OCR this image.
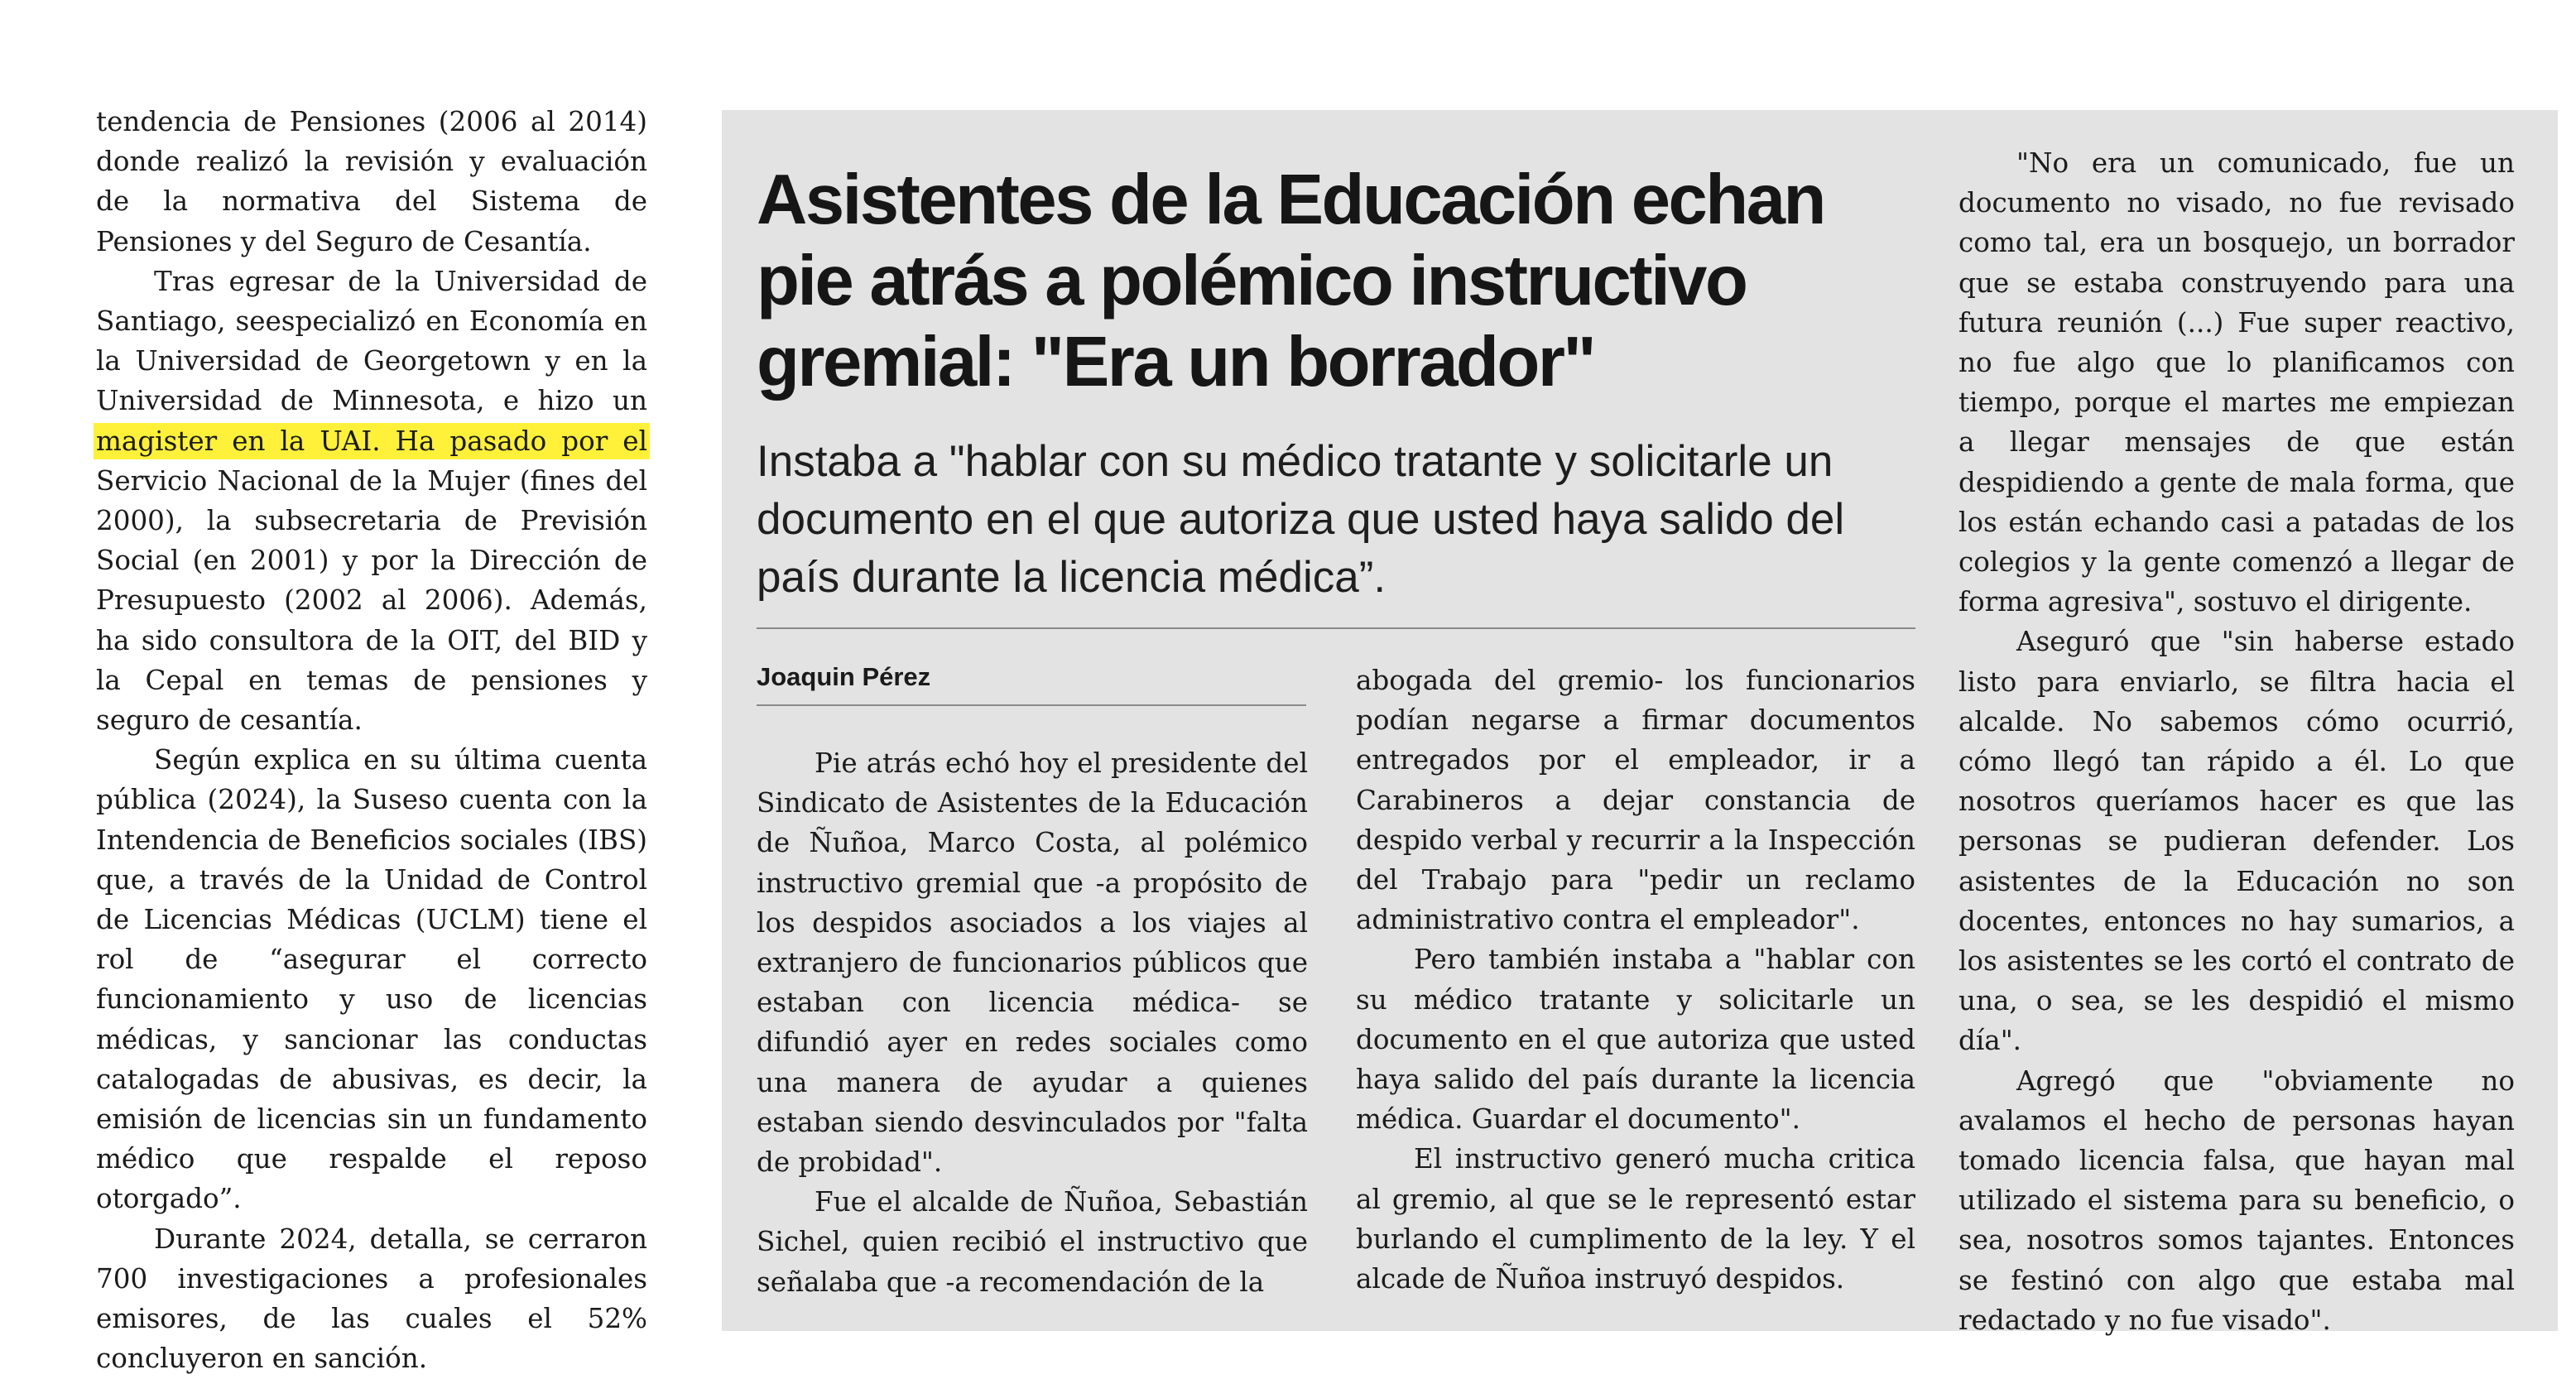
tendencia de Pensiones (2006 al 2014) donde realizó la revisión y evaluación de la normativa del Sistema de Pensiones y del Seguro de Cesantía.

Tras egresar de la Universidad de Santiago, seespecializó en Economía en la Universidad de Georgetown y en la Universidad de Minnesota, e hizo un magister en la UAI. Ha pasado por el Servicio Nacional de la Mujer (fines del 2000), la subsecretaria de Previsión Social (en 2001) y por la Dirección de Presupuesto (2002 al 2006). Además, ha sido consultora de la OIT, del BID y la Cepal en temas de pensiones y seguro de cesantía.

Según explica en su última cuenta pública (2024), la Suseso cuenta con la Intendencia de Beneficios sociales (IBS) que, a través de la Unidad de Control de Licencias Médicas (UCLM) tiene el rol de “asegurar el correcto funcionamiento y uso de licencias médicas, y sancionar las conductas catalogadas de abusivas, es decir, la emisión de licencias sin un fundamento médico que respalde el reposo otorgado”.

Durante 2024, detalla, se cerraron 700 investigaciones a profesionales emisores, de las cuales el 52% concluyeron en sanción.

Asistentes de la Educación echan pie atrás a polémico instructivo gremial: "Era un borrador"

Instaba a "hablar con su médico tratante y solicitarle un documento en el que autoriza que usted haya salido del país durante la licencia médica”.

Joaquin Pérez

Pie atrás echó hoy el presidente del Sindicato de Asistentes de la Educación de Ñuñoa, Marco Costa, al polémico instructivo gremial que -a propósito de los despidos asociados a los viajes al extranjero de funcionarios públicos que estaban con licencia médica- se difundió ayer en redes sociales como una manera de ayudar a quienes estaban siendo desvinculados por "falta de probidad".

Fue el alcalde de Ñuñoa, Sebastián Sichel, quien recibió el instructivo que señalaba que -a recomendación de la

abogada del gremio- los funcionarios podían negarse a firmar documentos entregados por el empleador, ir a Carabineros a dejar constancia de despido verbal y recurrir a la Inspección del Trabajo para "pedir un reclamo administrativo contra el empleador".

Pero también instaba a "hablar con su médico tratante y solicitarle un documento en el que autoriza que usted haya salido del país durante la licencia médica. Guardar el documento".

El instructivo generó mucha critica al gremio, al que se le representó estar burlando el cumplimento de la ley. Y el alcade de Ñuñoa instruyó despidos.

"No era un comunicado, fue un documento no visado, no fue revisado como tal, era un bosquejo, un borrador que se estaba construyendo para una futura reunión (...) Fue super reactivo, no fue algo que lo planificamos con tiempo, porque el martes me empiezan a llegar mensajes de que están despidiendo a gente de mala forma, que los están echando casi a patadas de los colegios y la gente comenzó a llegar de forma agresiva", sostuvo el dirigente.

Aseguró que "sin haberse estado listo para enviarlo, se filtra hacia el alcalde. No sabemos cómo ocurrió, cómo llegó tan rápido a él. Lo que nosotros queríamos hacer es que las personas se pudieran defender. Los asistentes de la Educación no son docentes, entonces no hay sumarios, a los asistentes se les cortó el contrato de una, o sea, se les despidió el mismo día".

Agregó que "obviamente no avalamos el hecho de personas hayan tomado licencia falsa, que hayan mal utilizado el sistema para su beneficio, o sea, nosotros somos tajantes. Entonces se festinó con algo que estaba mal redactado y no fue visado".
